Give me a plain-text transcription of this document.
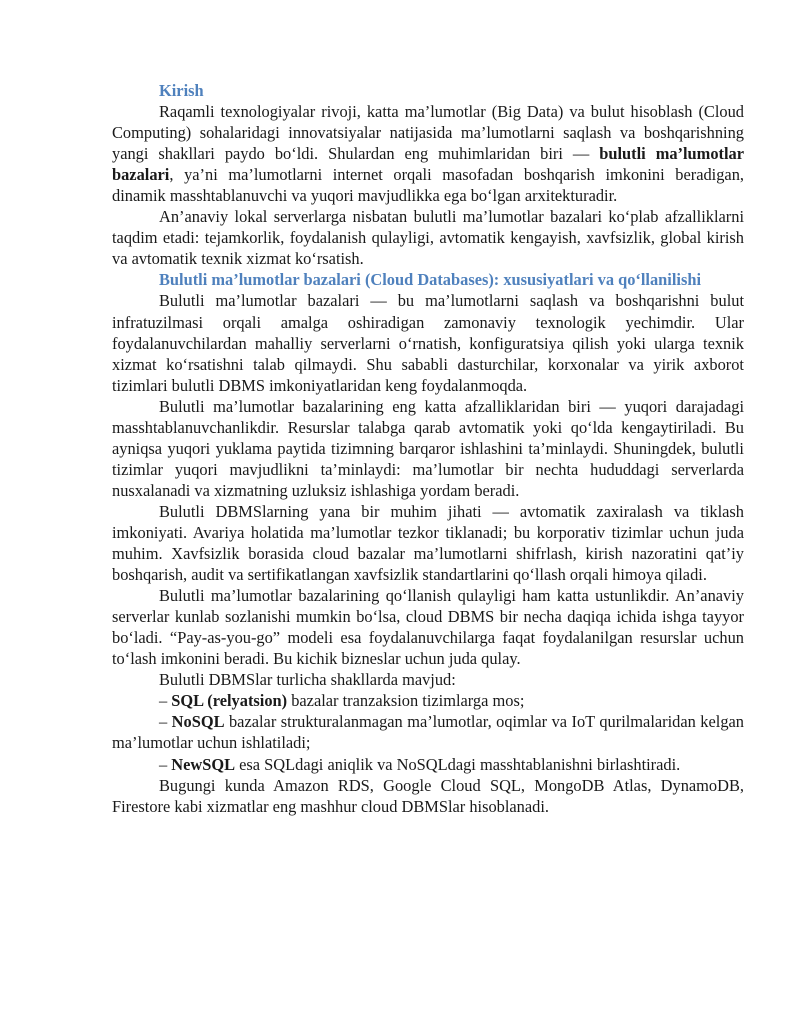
Kirish

Raqamli texnologiyalar rivoji, katta ma’lumotlar (Big Data) va bulut hisoblash (Cloud Computing) sohalaridagi innovatsiyalar natijasida ma’lumotlarni saqlash va boshqarishning yangi shakllari paydo bo‘ldi. Shulardan eng muhimlaridan biri — bulutli ma’lumotlar bazalari, ya’ni ma’lumotlarni internet orqali masofadan boshqarish imkonini beradigan, dinamik masshtablanuvchi va yuqori mavjudlikka ega bo‘lgan arxitekturadir.

An’anaviy lokal serverlarga nisbatan bulutli ma’lumotlar bazalari ko‘plab afzalliklarni taqdim etadi: tejamkorlik, foydalanish qulayligi, avtomatik kengayish, xavfsizlik, global kirish va avtomatik texnik xizmat ko‘rsatish.

Bulutli ma’lumotlar bazalari (Cloud Databases): xususiyatlari va qo‘llanilishi

Bulutli ma’lumotlar bazalari — bu ma’lumotlarni saqlash va boshqarishni bulut infratuzilmasi orqali amalga oshiradigan zamonaviy texnologik yechimdir. Ular foydalanuvchilardan mahalliy serverlarni o‘rnatish, konfiguratsiya qilish yoki ularga texnik xizmat ko‘rsatishni talab qilmaydi. Shu sababli dasturchilar, korxonalar va yirik axborot tizimlari bulutli DBMS imkoniyatlaridan keng foydalanmoqda.

Bulutli ma’lumotlar bazalarining eng katta afzalliklaridan biri — yuqori darajadagi masshtablanuvchanlikdir. Resurslar talabga qarab avtomatik yoki qo‘lda kengaytiriladi. Bu ayniqsa yuqori yuklama paytida tizimning barqaror ishlashini ta’minlaydi. Shuningdek, bulutli tizimlar yuqori mavjudlikni ta’minlaydi: ma’lumotlar bir nechta hududdagi serverlarda nusxalanadi va xizmatning uzluksiz ishlashiga yordam beradi.

Bulutli DBMSlarning yana bir muhim jihati — avtomatik zaxiralash va tiklash imkoniyati. Avariya holatida ma’lumotlar tezkor tiklanadi; bu korporativ tizimlar uchun juda muhim. Xavfsizlik borasida cloud bazalar ma’lumotlarni shifrlash, kirish nazoratini qat’iy boshqarish, audit va sertifikatlangan xavfsizlik standartlarini qo‘llash orqali himoya qiladi.

Bulutli ma’lumotlar bazalarining qo‘llanish qulayligi ham katta ustunlikdir. An’anaviy serverlar kunlab sozlanishi mumkin bo‘lsa, cloud DBMS bir necha daqiqa ichida ishga tayyor bo‘ladi. “Pay-as-you-go” modeli esa foydalanuvchilarga faqat foydalanilgan resurslar uchun to‘lash imkonini beradi. Bu kichik bizneslar uchun juda qulay.

Bulutli DBMSlar turlicha shakllarda mavjud:

– SQL (relyatsion) bazalar tranzaksion tizimlarga mos;

– NoSQL bazalar strukturalanmagan ma’lumotlar, oqimlar va IoT qurilmalaridan kelgan ma’lumotlar uchun ishlatiladi;

– NewSQL esa SQLdagi aniqlik va NoSQLdagi masshtablanishni birlashtiradi.

Bugungi kunda Amazon RDS, Google Cloud SQL, MongoDB Atlas, DynamoDB, Firestore kabi xizmatlar eng mashhur cloud DBMSlar hisoblanadi.
